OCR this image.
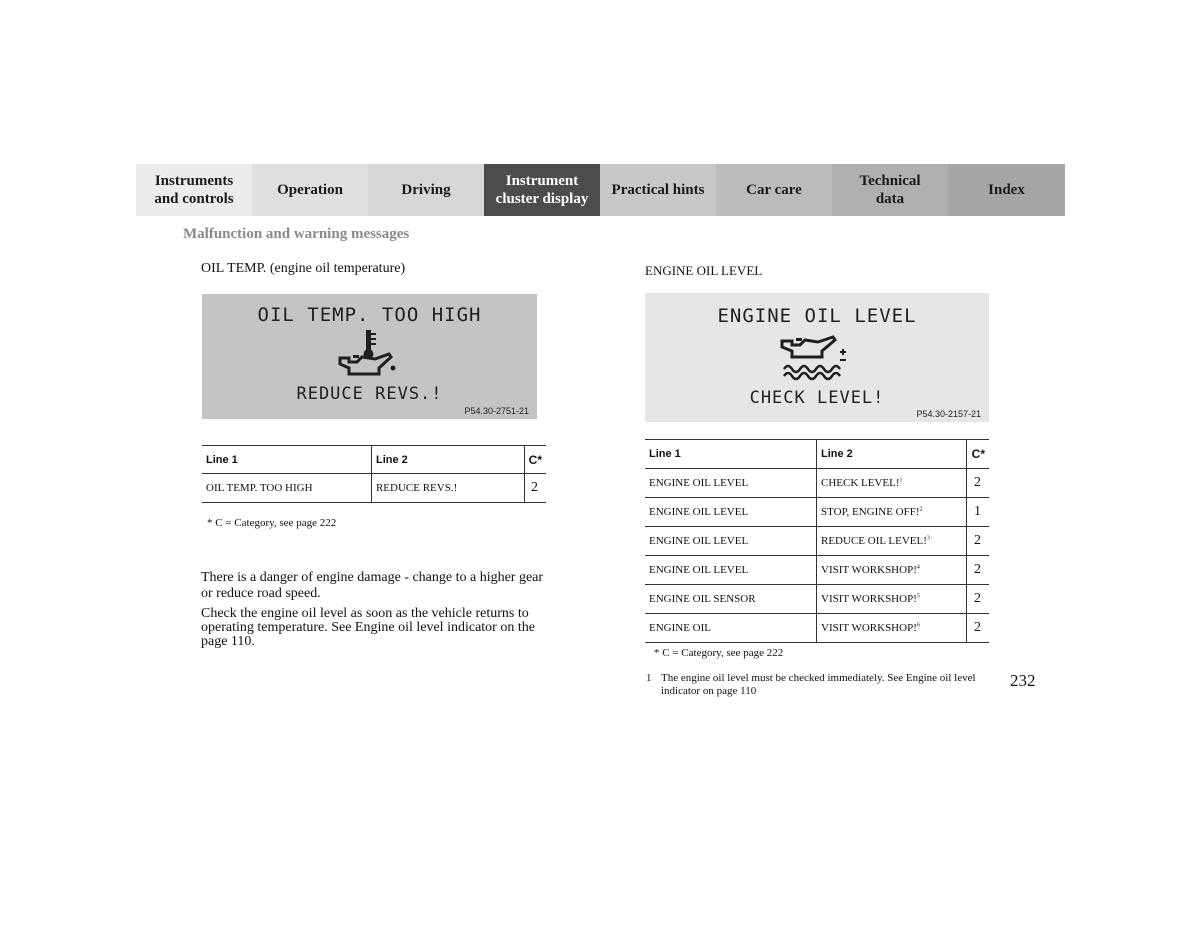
Instruments
and controls
Operation	Driving
Instrument
cluster display
Practical hints	Car care
Technical
data
Index
Malfunction and warning messages
OIL TEMP. (engine oil temperature)
OIL TEMP. TOO HIGH
REDUCE REVS.!
P54.30-2751-21
Line 1	Line 2	C*
OIL TEMP. TOO HIGH	REDUCE REVS.!	2
* C = Category, see page 222
There is a danger of engine damage - change to a higher gear or reduce road speed.
Check the engine oil level as soon as the vehicle returns to operating temperature. See Engine oil level indicator on the page 110.
ENGINE OIL LEVEL
ENGINE OIL LEVEL
CHECK LEVEL!
P54.30-2157-21
Line 1	Line 2	C*
ENGINE OIL LEVEL	CHECK LEVEL!$^1$	2
ENGINE OIL LEVEL	STOP, ENGINE OFF!$^2$	1
ENGINE OIL LEVEL	REDUCE OIL LEVEL!$^3$	2
ENGINE OIL LEVEL	VISIT WORKSHOP!$^4$	2
ENGINE OIL SENSOR	VISIT WORKSHOP!$^5$	2
ENGINE OIL	VISIT WORKSHOP!$^6$	2
* C = Category, see page 222
1 The engine oil level must be checked immediately. See Engine oil level indicator on page 110
232
